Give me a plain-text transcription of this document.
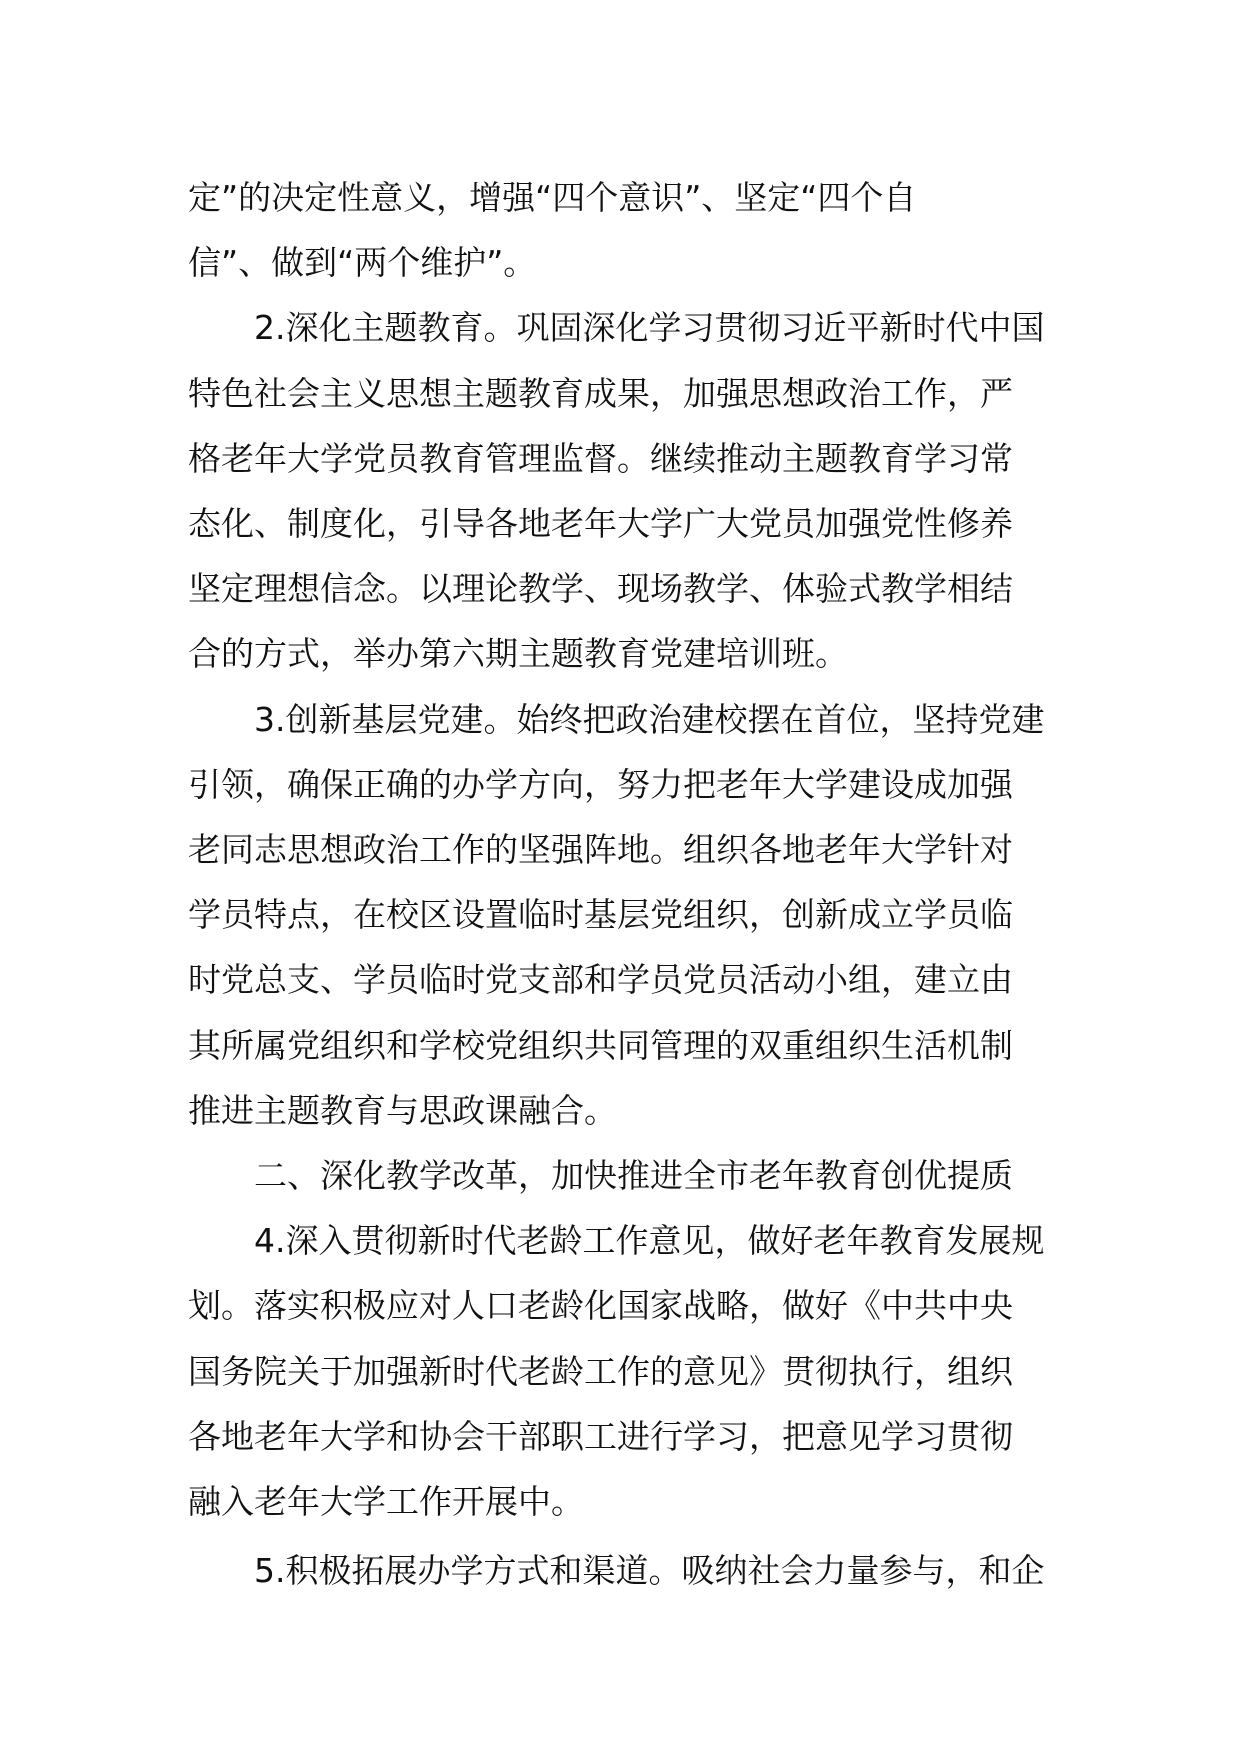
定”的决定性意义，增强“四个意识”、坚定“四个自
信”、做到“两个维护”。

2.深化主题教育。巩固深化学习贯彻习近平新时代中国
特色社会主义思想主题教育成果，加强思想政治工作，严
格老年大学党员教育管理监督。继续推动主题教育学习常
态化、制度化，引导各地老年大学广大党员加强党性修养
坚定理想信念。以理论教学、现场教学、体验式教学相结
合的方式，举办第六期主题教育党建培训班。

3.创新基层党建。始终把政治建校摆在首位，坚持党建
引领，确保正确的办学方向，努力把老年大学建设成加强
老同志思想政治工作的坚强阵地。组织各地老年大学针对
学员特点，在校区设置临时基层党组织，创新成立学员临
时党总支、学员临时党支部和学员党员活动小组，建立由
其所属党组织和学校党组织共同管理的双重组织生活机制
推进主题教育与思政课融合。

二、深化教学改革，加快推进全市老年教育创优提质

4.深入贯彻新时代老龄工作意见，做好老年教育发展规
划。落实积极应对人口老龄化国家战略，做好《中共中央
国务院关于加强新时代老龄工作的意见》贯彻执行，组织
各地老年大学和协会干部职工进行学习，把意见学习贯彻
融入老年大学工作开展中。

5.积极拓展办学方式和渠道。吸纳社会力量参与，和企
